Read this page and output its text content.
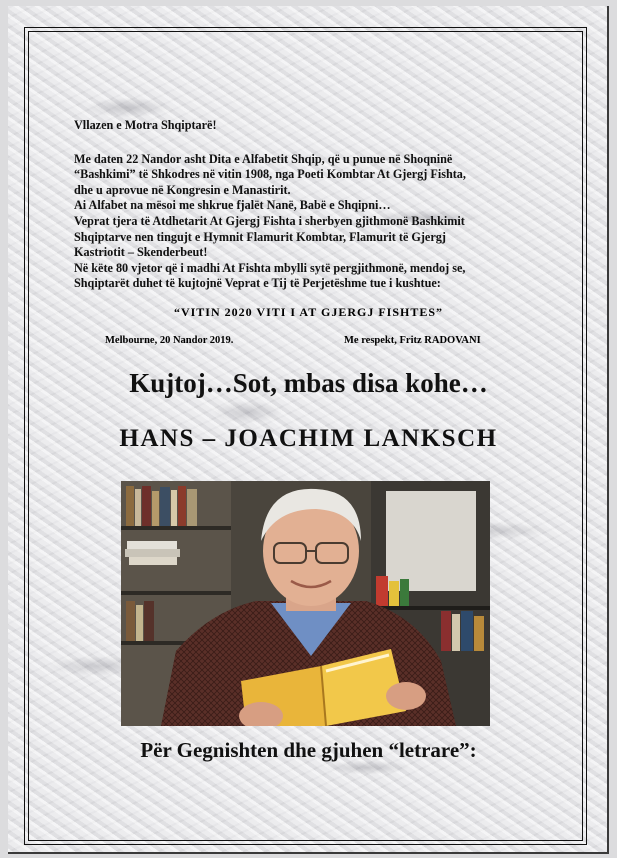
Vllazen e Motra Shqiptarë!

Me daten 22 Nandor asht Dita e Alfabetit Shqip, që u punue në Shoqninë

“Bashkimi” të Shkodres në vitin 1908, nga Poeti Kombtar At Gjergj Fishta,

dhe u aprovue në Kongresin e Manastirit.

Ai Alfabet na mësoi me shkrue fjalët Nanë, Babë e Shqipni…

Veprat tjera të Atdhetarit At Gjergj Fishta i sherbyen gjithmonë Bashkimit

Shqiptarve nen tingujt e Hymnit Flamurit Kombtar, Flamurit të Gjergj

Kastriotit – Skenderbeut!

Në këte 80 vjetor që i madhi At Fishta mbylli sytë pergjithmonë, mendoj se,

Shqiptarët duhet të kujtojnë Veprat e Tij të Perjetëshme tue i kushtue:

“VITIN 2020 VITI I AT GJERGJ FISHTES”
Melbourne, 20 Nandor 2019.	Me respekt, Fritz RADOVANI
Kujtoj…Sot, mbas disa kohe…
HANS – JOACHIM LANKSCH
Për Gegnishten dhe gjuhen “letrare”:
